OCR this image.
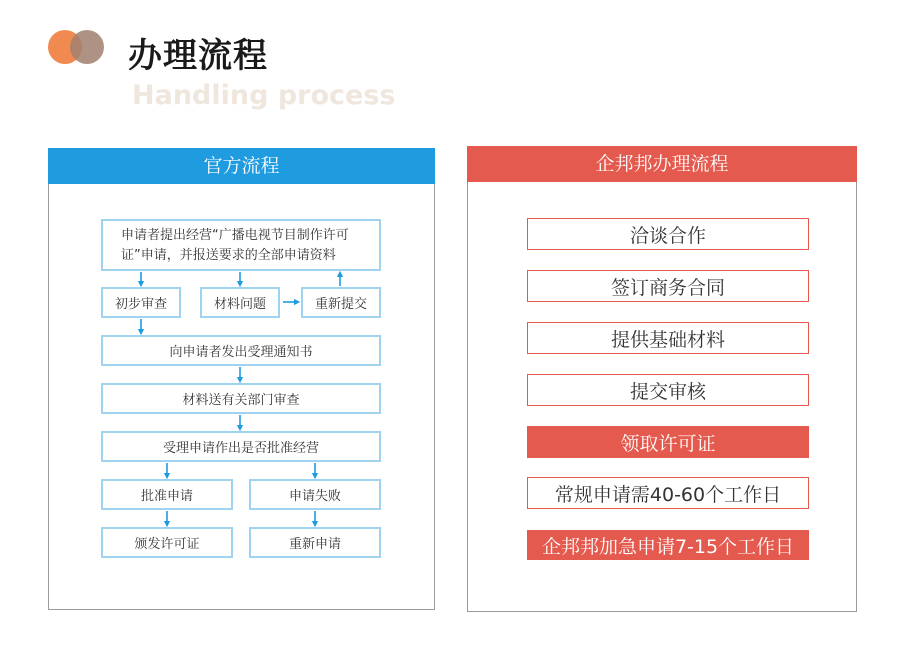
办理流程
Handling process
官方流程
申请者提出经营“广播电视节目制作许可证”申请，并报送要求的全部申请资料
初步审查	材料问题	重新提交
向申请者发出受理通知书
材料送有关部门审查
受理申请作出是否批准经营
批准申请	申请失败
颁发许可证	重新申请
企邦邦办理流程
洽谈合作
签订商务合同
提供基础材料
提交审核
领取许可证
常规申请需40-60个工作日
企邦邦加急申请7-15个工作日
